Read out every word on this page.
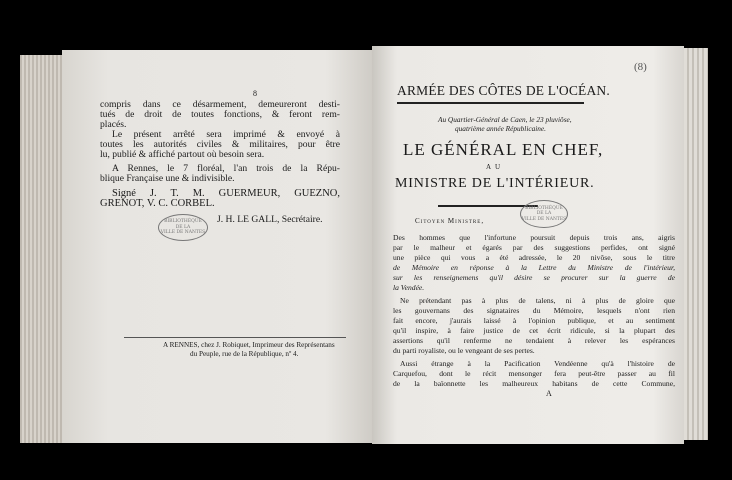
8
compris dans ce désarmement, demeureront desti-
tués de droit de toutes fonctions, & feront rem-
placés.
Le présent arrêté sera imprimé & envoyé à
toutes les autorités civiles & militaires, pour être
lu, publié & affiché partout où besoin sera.
A Rennes, le 7 floréal, l'an trois de la Répu-
blique Française une & indivisible.
Signé J. T. M. GUERMEUR, GUEZNO,
GRENOT, V. C. CORBEL.
J. H. LE GALL, Secrétaire.
BIBLIOTHÈQUE
DE LA
VILLE DE NANTES
A RENNES, chez J. Robiquet, Imprimeur des Représentans
du Peuple, rue de la République, nº 4.
(8)
ARMÉE DES CÔTES DE L'OCÉAN.
Au Quartier-Général de Caen, le 23 pluviôse,
quatrième année Républicaine.
LE GÉNÉRAL EN CHEF,
AU
MINISTRE DE L'INTÉRIEUR.
BIBLIOTHÈQUE
DE LA
VILLE DE NANTES
Citoyen Ministre,
Des hommes que l'infortune poursuit depuis trois ans, aigris
par le malheur et égarés par des suggestions perfides, ont signé
une pièce qui vous a été adressée, le 20 nivôse, sous le titre
de Mémoire en réponse à la Lettre du Ministre de l'intérieur,
sur les renseignemens qu'il désire se procurer sur la guerre de
la Vendée.
Ne prétendant pas à plus de talens, ni à plus de gloire que
les gouvernans des signataires du Mémoire, lesquels n'ont rien
fait encore, j'aurais laissé à l'opinion publique, et au sentiment
qu'il inspire, à faire justice de cet écrit ridicule, si la plupart des
assertions qu'il renferme ne tendaient à relever les espérances
du parti royaliste, ou le vengeant de ses pertes.
Aussi étrange à la Pacification Vendéenne qu'à l'histoire de
Carquefou, dont le récit mensonger fera peut-être passer au fil
de la baïonnette les malheureux habitans de cette Commune,
A
